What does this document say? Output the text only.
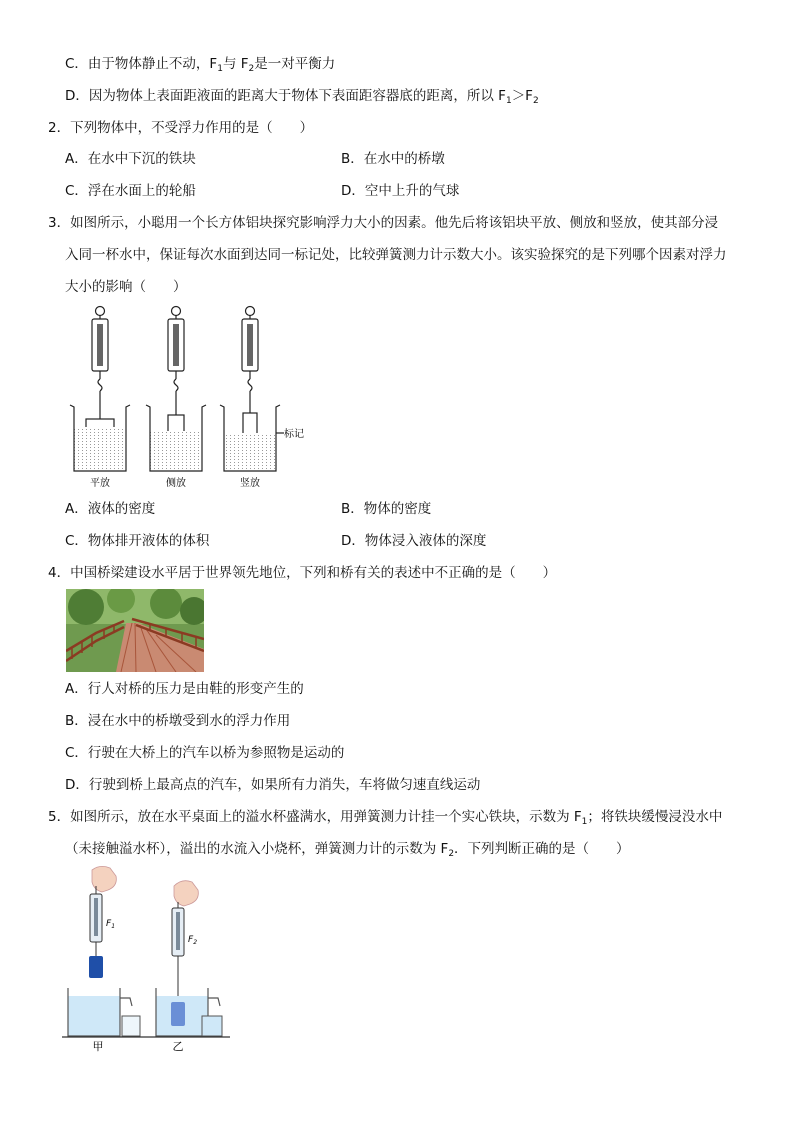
C．由于物体静止不动，$F_1$与 $F_2$是一对平衡力
D．因为物体上表面距液面的距离大于物体下表面距容器底的距离，所以 $F_1>F_2$
2．下列物体中，不受浮力作用的是（　　）
A．在水中下沉的铁块	B．在水中的桥墩
C．浮在水面上的轮船	D．空中上升的气球
3．如图所示，小聪用一个长方体铝块探究影响浮力大小的因素。他先后将该铝块平放、侧放和竖放，使其部分浸
入同一杯水中，保证每次水面到达同一标记处，比较弹簧测力计示数大小。该实验探究的是下列哪个因素对浮力
大小的影响（　　）
平放	侧放	竖放
标记
A．液体的密度	B．物体的密度
C．物体排开液体的体积	D．物体浸入液体的深度
4．中国桥梁建设水平居于世界领先地位，下列和桥有关的表述中不正确的是（　　）
A．行人对桥的压力是由鞋的形变产生的
B．浸在水中的桥墩受到水的浮力作用
C．行驶在大桥上的汽车以桥为参照物是运动的
D．行驶到桥上最高点的汽车，如果所有力消失，车将做匀速直线运动
5．如图所示，放在水平桌面上的溢水杯盛满水，用弹簧测力计挂一个实心铁块，示数为 $F_1$；将铁块缓慢浸没水中
（未接触溢水杯），溢出的水流入小烧杯，弹簧测力计的示数为 $F_2$．下列判断正确的是（　　）
$F_1$
$F_2$
甲	乙
